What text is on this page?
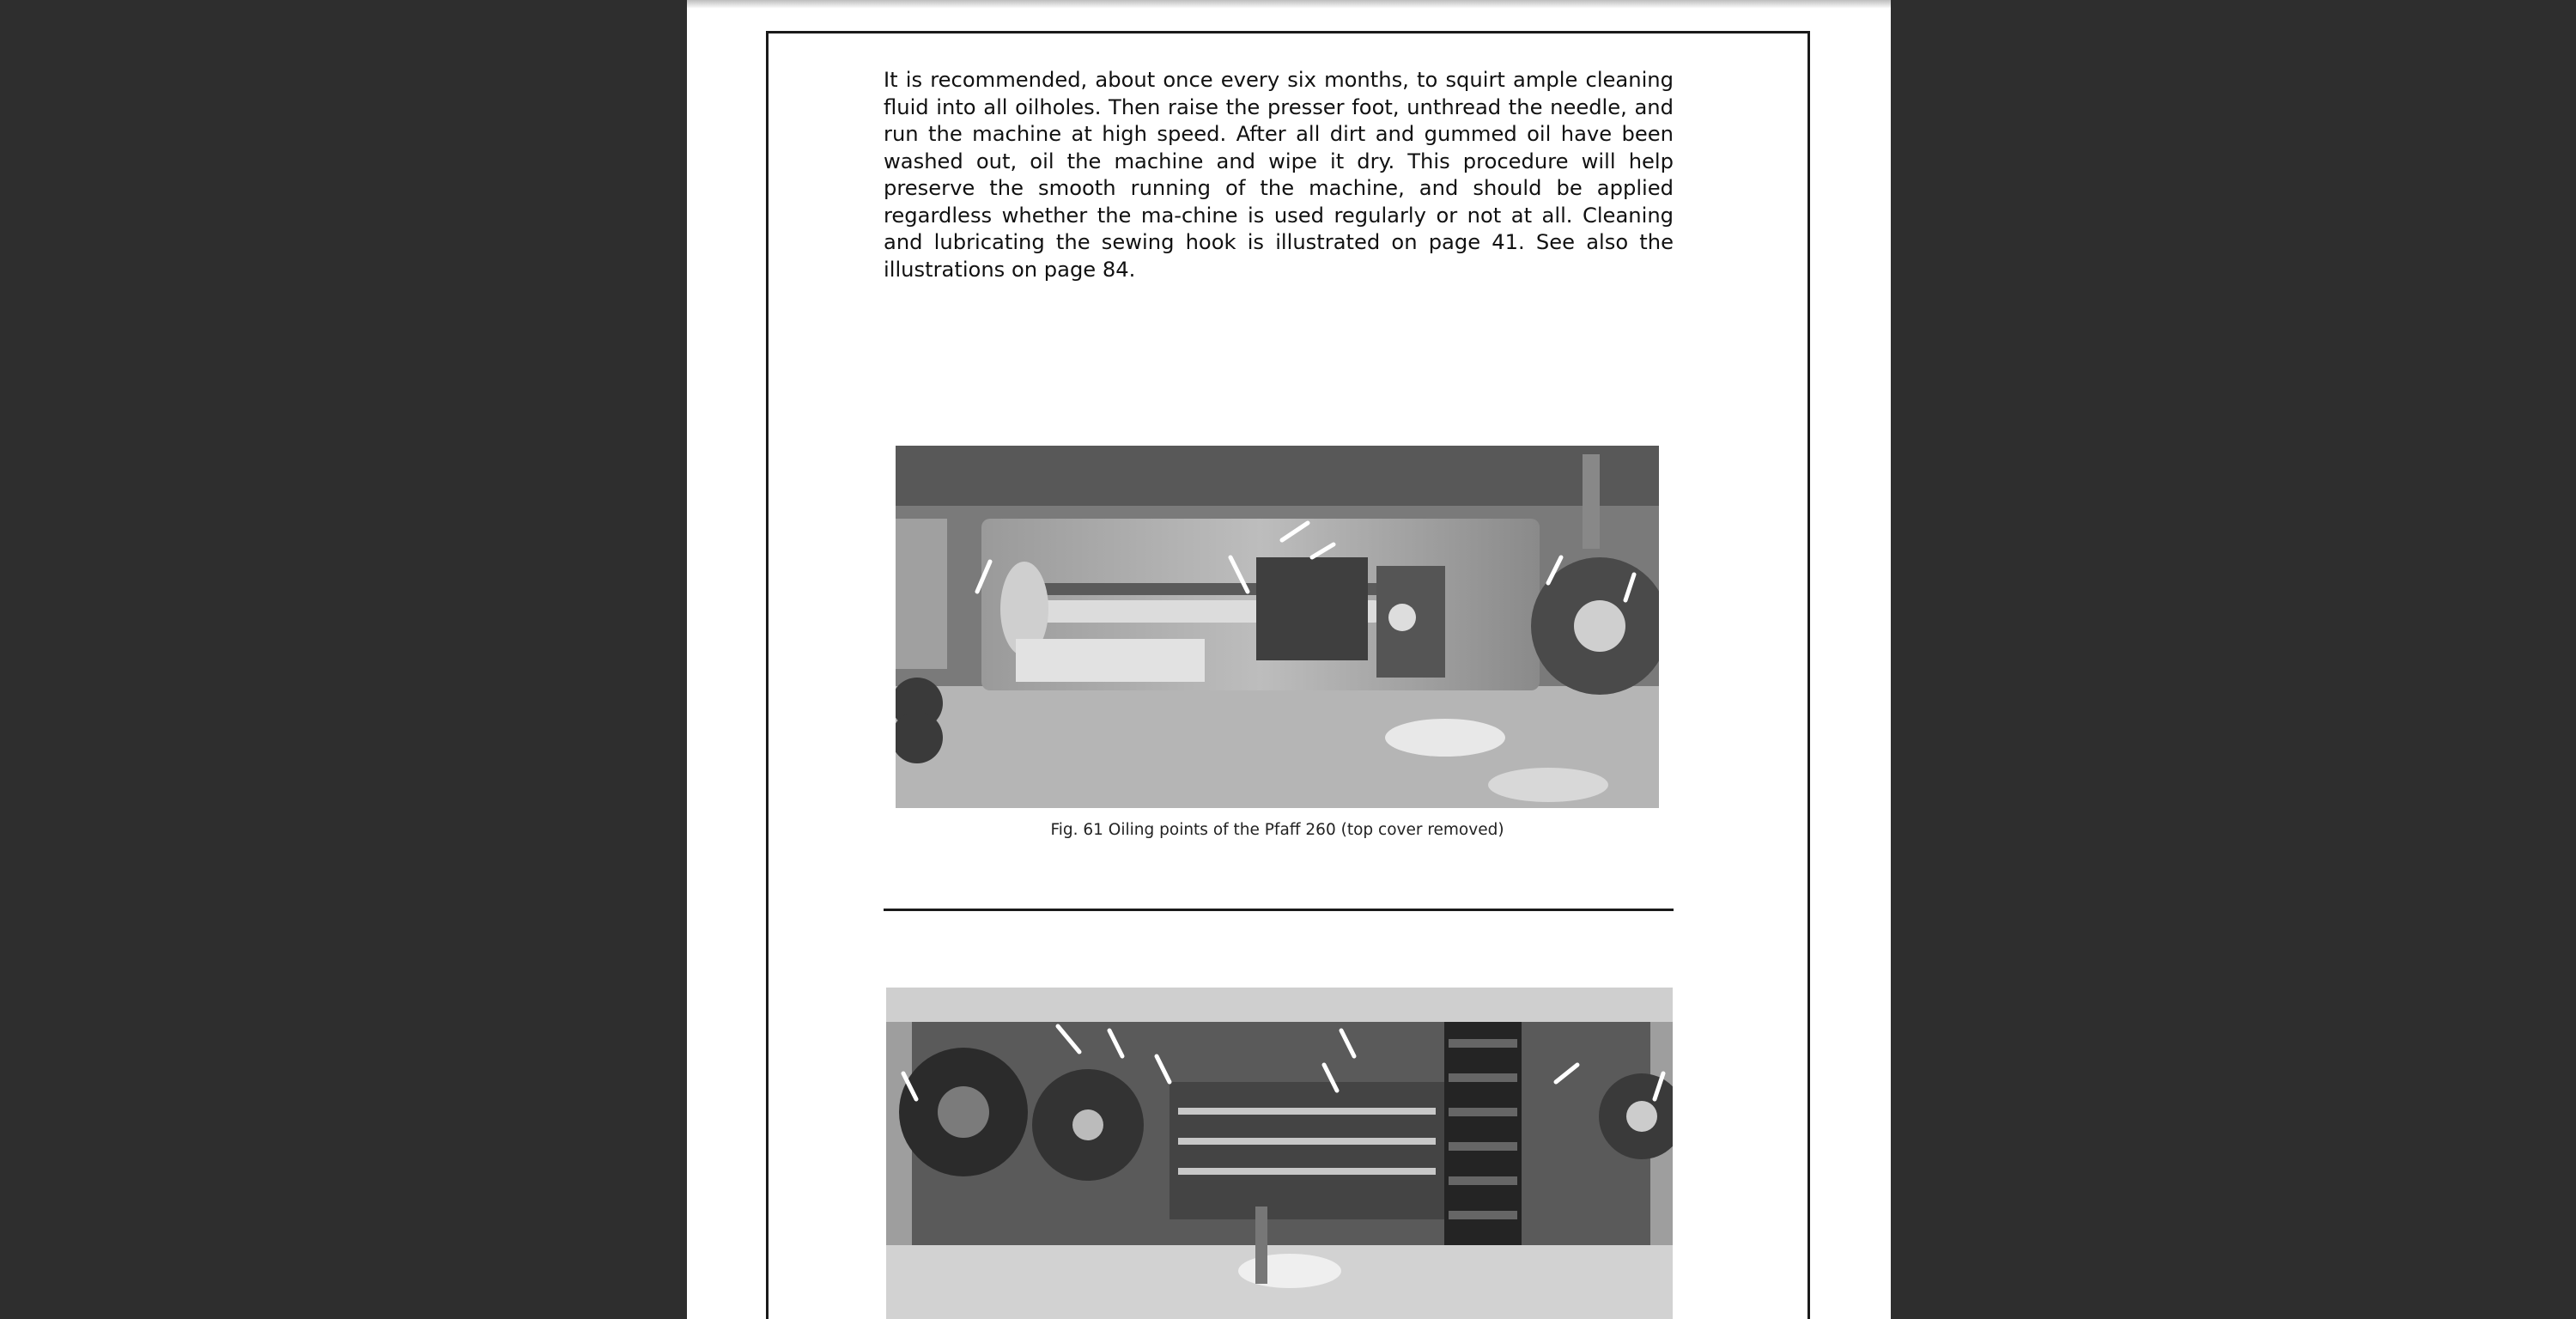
It is recommended, about once every six months, to squirt ample cleaning fluid into all oilholes. Then raise the presser foot, unthread the needle, and run the machine at high speed. After all dirt and gummed oil have been washed out, oil the machine and wipe it dry. This procedure will help preserve the smooth running of the machine, and should be applied regardless whether the ma-chine is used regularly or not at all. Cleaning and lubricating the sewing hook is illustrated on page 41. See also the illustrations on page 84.

Fig. 61 Oiling points of the Pfaff 260 (top cover removed)
